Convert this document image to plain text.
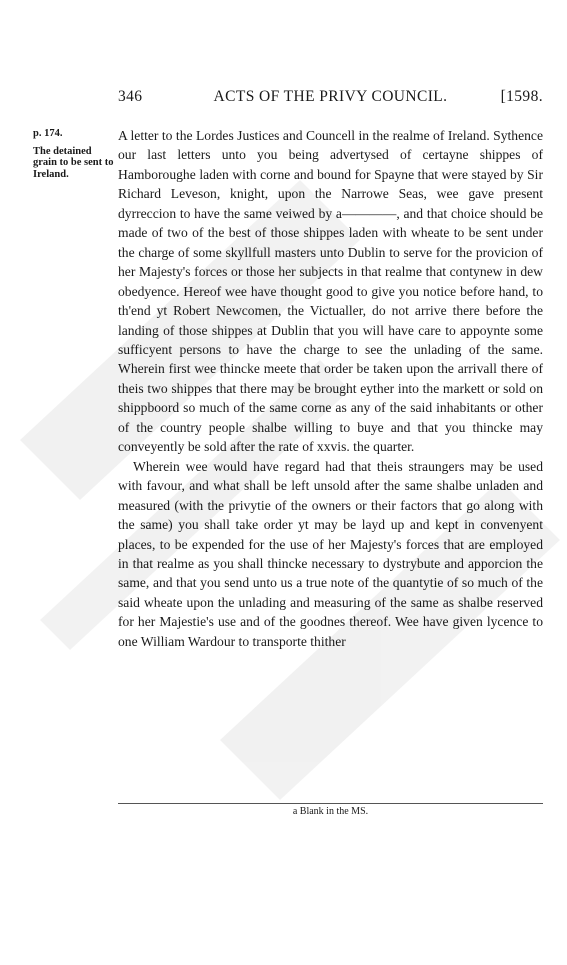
346	ACTS OF THE PRIVY COUNCIL.	[1598.
p. 174.
The detained grain to be sent to Ireland.

A letter to the Lordes Justices and Councell in the realme of Ireland. Sythence our last letters unto you being advertysed of certayne shippes of Hamboroughe laden with corne and bound for Spayne that were stayed by Sir Richard Leveson, knight, upon the Narrowe Seas, wee gave present dyrreccion to have the same veiwed by a————, and that choice should be made of two of the best of those shippes laden with wheate to be sent under the charge of some skyllfull masters unto Dublin to serve for the provicion of her Majesty's forces or those her subjects in that realme that contynew in dew obedyence. Hereof wee have thought good to give you notice before hand, to th'end yt Robert Newcomen, the Victualler, do not arrive there before the landing of those shippes at Dublin that you will have care to appoynte some sufficyent persons to have the charge to see the unlading of the same. Wherein first wee thincke meete that order be taken upon the arrivall there of theis two shippes that there may be brought eyther into the markett or sold on shippboord so much of the same corne as any of the said inhabitants or other of the country people shalbe willing to buye and that you thincke may conveyently be sold after the rate of xxvis. the quarter.

Wherein wee would have regard had that theis straungers may be used with favour, and what shall be left unsold after the same shalbe unladen and measured (with the privytie of the owners or their factors that go along with the same) you shall take order yt may be layd up and kept in convenyent places, to be expended for the use of her Majesty's forces that are employed in that realme as you shall thincke necessary to dystrybute and apporcion the same, and that you send unto us a true note of the quantytie of so much of the said wheate upon the unlading and measuring of the same as shalbe reserved for her Majestie's use and of the goodnes thereof. Wee have given lycence to one William Wardour to transporte thither

a Blank in the MS.
